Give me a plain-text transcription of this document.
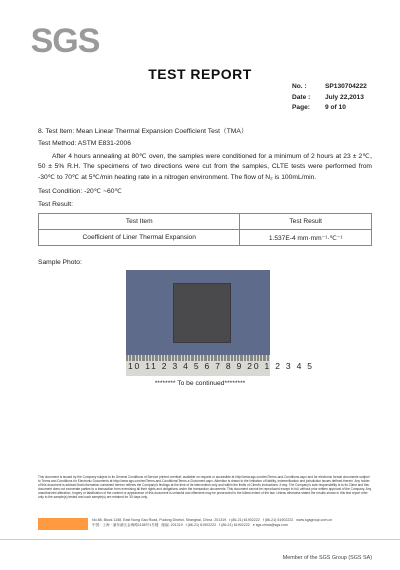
SGS
TEST REPORT
No. :	SP130704222
Date :	July 22,2013
Page:	9 of 10
8. Test Item: Mean Linear Thermal Expansion Coefficient Test（TMA）
Test Method: ASTM E831-2006
After 4 hours annealing at 80℃ oven, the samples were conditioned for a minimum of 2 hours at 23 ± 2℃, 50 ± 5% R.H. The specimens of two directions were cut from the samples, CLTE tests were performed from -30℃ to 70℃ at 5℃/min heating rate in a nitrogen environment. The flow of N₂ is 100mL/min.
Test Condition: -20℃ ~60℃
Test Result:
Test Item	Test Result
Coefficient of Liner Thermal Expansion	1.537E-4 mm·mm⁻¹·℃⁻¹
Sample Photo:
10 11 2 3 4 5 6 7 8 9 20 1 2 3 4 5
******** To be continued********
This document is issued by the Company subject to its General Conditions of Service printed overleaf, available on request or accessible at http://www.sgs.com/en/Terms-and-Conditions.aspx and for electronic format documents subject to Terms and Conditions for Electronic Documents at http://www.sgs.com/en/Terms-and-Conditions/Terms-e-Document.aspx. Attention is drawn to the limitation of liability, indemnification and jurisdiction issues defined therein. Any holder of this document is advised that information contained hereon reflects the Company's findings at the time of its intervention only and within the limits of Client's instructions, if any. The Company's sole responsibility is to its Client and this document does not exonerate parties to a transaction from exercising all their rights and obligations under the transaction documents. This document cannot be reproduced except in full, without prior written approval of the Company. Any unauthorized alteration, forgery or falsification of the content or appearance of this document is unlawful and offenders may be prosecuted to the fullest extent of the law. Unless otherwise stated the results shown in this test report refer only to the sample(s) tested and such sample(s) are retained for 30 days only.
No.88, Block 1158, East Nong Gao Road, Pudong District, Shanghai, China  201319   t (86-21) 61902222   f (86-21) 61902222   www.sgsgroup.com.cn
中国 · 上海 · 浦东新区金海路1158号1号楼   邮编: 201319   t (86-21) 61902222   f (86-21) 61902222   e sgs.china@sgs.com
Member of the SGS Group (SGS SA)
